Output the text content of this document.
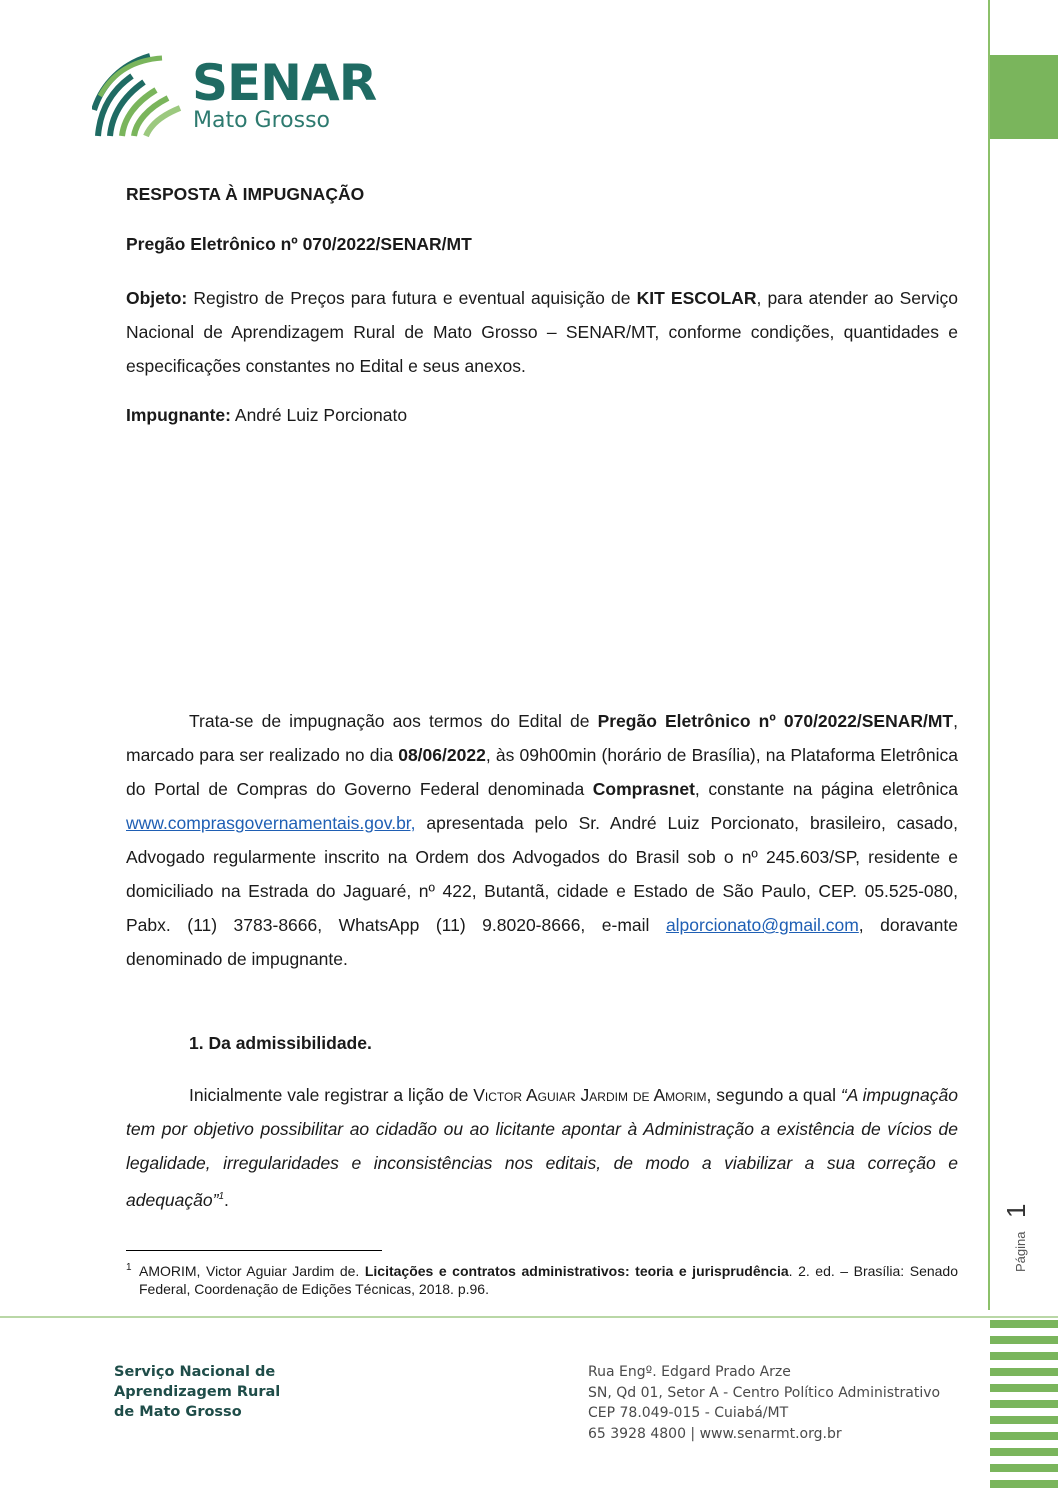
Página
1
SENAR
Mato Grosso
RESPOSTA À IMPUGNAÇÃO
Pregão Eletrônico nº 070/2022/SENAR/MT
Objeto: Registro de Preços para futura e eventual aquisição de KIT ESCOLAR, para atender ao Serviço Nacional de Aprendizagem Rural de Mato Grosso – SENAR/MT, conforme condições, quantidades e especificações constantes no Edital e seus anexos.
Impugnante: André Luiz Porcionato
Trata-se de impugnação aos termos do Edital de Pregão Eletrônico nº 070/2022/SENAR/MT, marcado para ser realizado no dia 08/06/2022, às 09h00min (horário de Brasília), na Plataforma Eletrônica do Portal de Compras do Governo Federal denominada Comprasnet, constante na página eletrônica www.comprasgovernamentais.gov.br, apresentada pelo Sr. André Luiz Porcionato, brasileiro, casado, Advogado regularmente inscrito na Ordem dos Advogados do Brasil sob o nº 245.603/SP, residente e domiciliado na Estrada do Jaguaré, nº 422, Butantã, cidade e Estado de São Paulo, CEP. 05.525-080, Pabx. (11) 3783-8666, WhatsApp (11) 9.8020-8666, e-mail alporcionato@gmail.com, doravante denominado de impugnante.
1. Da admissibilidade.
Inicialmente vale registrar a lição de Victor Aguiar Jardim de Amorim, segundo a qual “A impugnação tem por objetivo possibilitar ao cidadão ou ao licitante apontar à Administração a existência de vícios de legalidade, irregularidades e inconsistências nos editais, de modo a viabilizar a sua correção e adequação”$^1$.
1 AMORIM, Victor Aguiar Jardim de. Licitações e contratos administrativos: teoria e jurisprudência. 2. ed. – Brasília: Senado Federal, Coordenação de Edições Técnicas, 2018. p.96.
Serviço Nacional de
Aprendizagem Rural
de Mato Grosso
Rua Engº. Edgard Prado Arze
SN, Qd 01, Setor A - Centro Político Administrativo
CEP 78.049-015 - Cuiabá/MT
65 3928 4800 | www.senarmt.org.br
